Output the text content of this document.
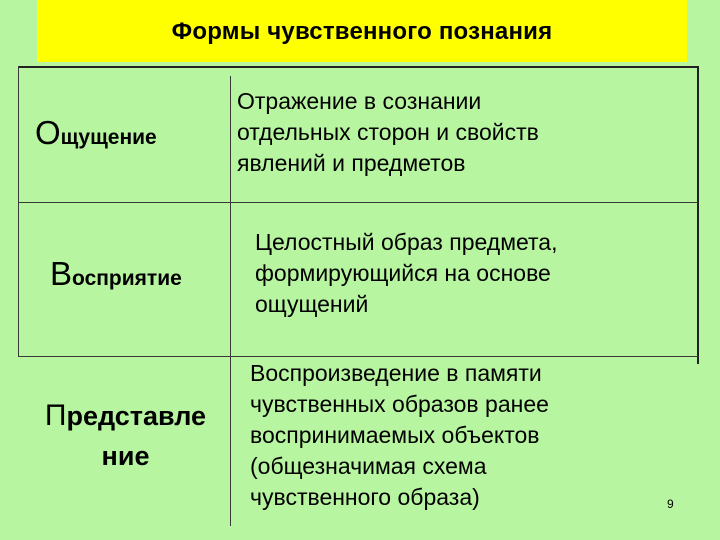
Формы чувственного познания
Ощущение
Отражение в сознании
отдельных сторон и свойств
явлений и предметов
Восприятие
Целостный образ предмета,
формирующийся на основе
ощущений
Представле
ние
Воспроизведение в памяти
чувственных образов ранее
воспринимаемых объектов
(общезначимая схема
чувственного образа)	9
